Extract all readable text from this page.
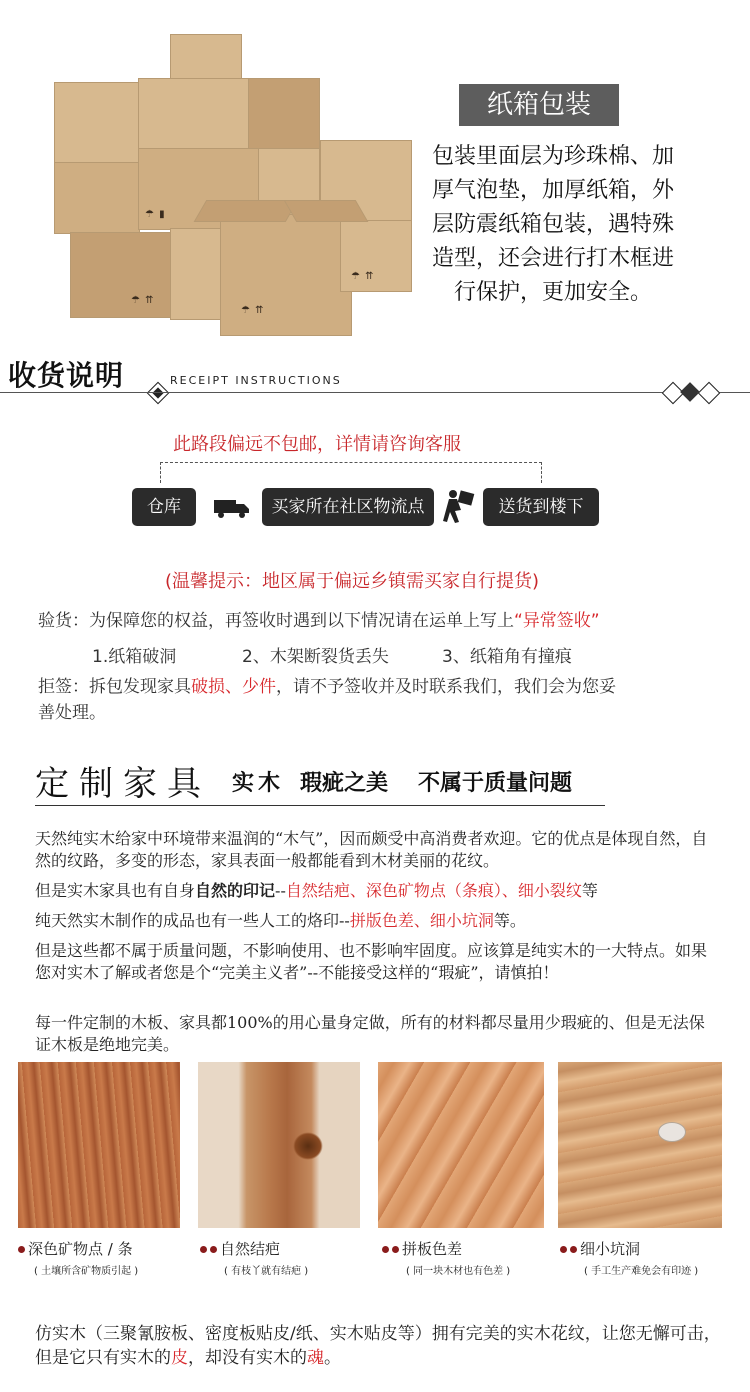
☂ ▮
☂ ⇈
☂ ⇈
☂ ⇈
纸箱包装
包装里面层为珍珠棉、加
厚气泡垫，加厚纸箱，外
层防震纸箱包装，遇特殊
造型，还会进行打木框进
行保护，更加安全。
收货说明	RECEIPT INSTRUCTIONS
此路段偏远不包邮，详情请咨询客服
仓库	买家所在社区物流点	送货到楼下
(温馨提示：地区属于偏远乡镇需买家自行提货)
验货：为保障您的权益，再签收时遇到以下情况请在运单上写上“异常签收”
1.纸箱破洞	2、木架断裂货丢失	3、纸箱角有撞痕
拒签：拆包发现家具破损、少件，请不予签收并及时联系我们，我们会为您妥
善处理。
定制家具 实木 瑕疵之美 不属于质量问题
天然纯实木给家中环境带来温润的“木气”，因而颇受中高消费者欢迎。它的优点是体现自然，自然的纹路，多变的形态，家具表面一般都能看到木材美丽的花纹。
但是实木家具也有自身自然的印记--自然结疤、深色矿物点（条痕）、细小裂纹等
纯天然实木制作的成品也有一些人工的烙印--拼版色差、细小坑洞等。
但是这些都不属于质量问题，不影响使用、也不影响牢固度。应该算是纯实木的一大特点。如果您对实木了解或者您是个“完美主义者”--不能接受这样的“瑕疵”，请慎拍！
每一件定制的木板、家具都100%的用心量身定做，所有的材料都尽量用少瑕疵的、但是无法保证木板是绝地完美。
深色矿物点 / 条
( 土壤所含矿物质引起 )
自然结疤
( 有枝丫就有结疤 )
拼板色差
( 同一块木材也有色差 )
细小坑洞
( 手工生产难免会有印迹 )
仿实木（三聚氰胺板、密度板贴皮/纸、实木贴皮等）拥有完美的实木花纹，让您无懈可击，但是它只有实木的皮，却没有实木的魂。
